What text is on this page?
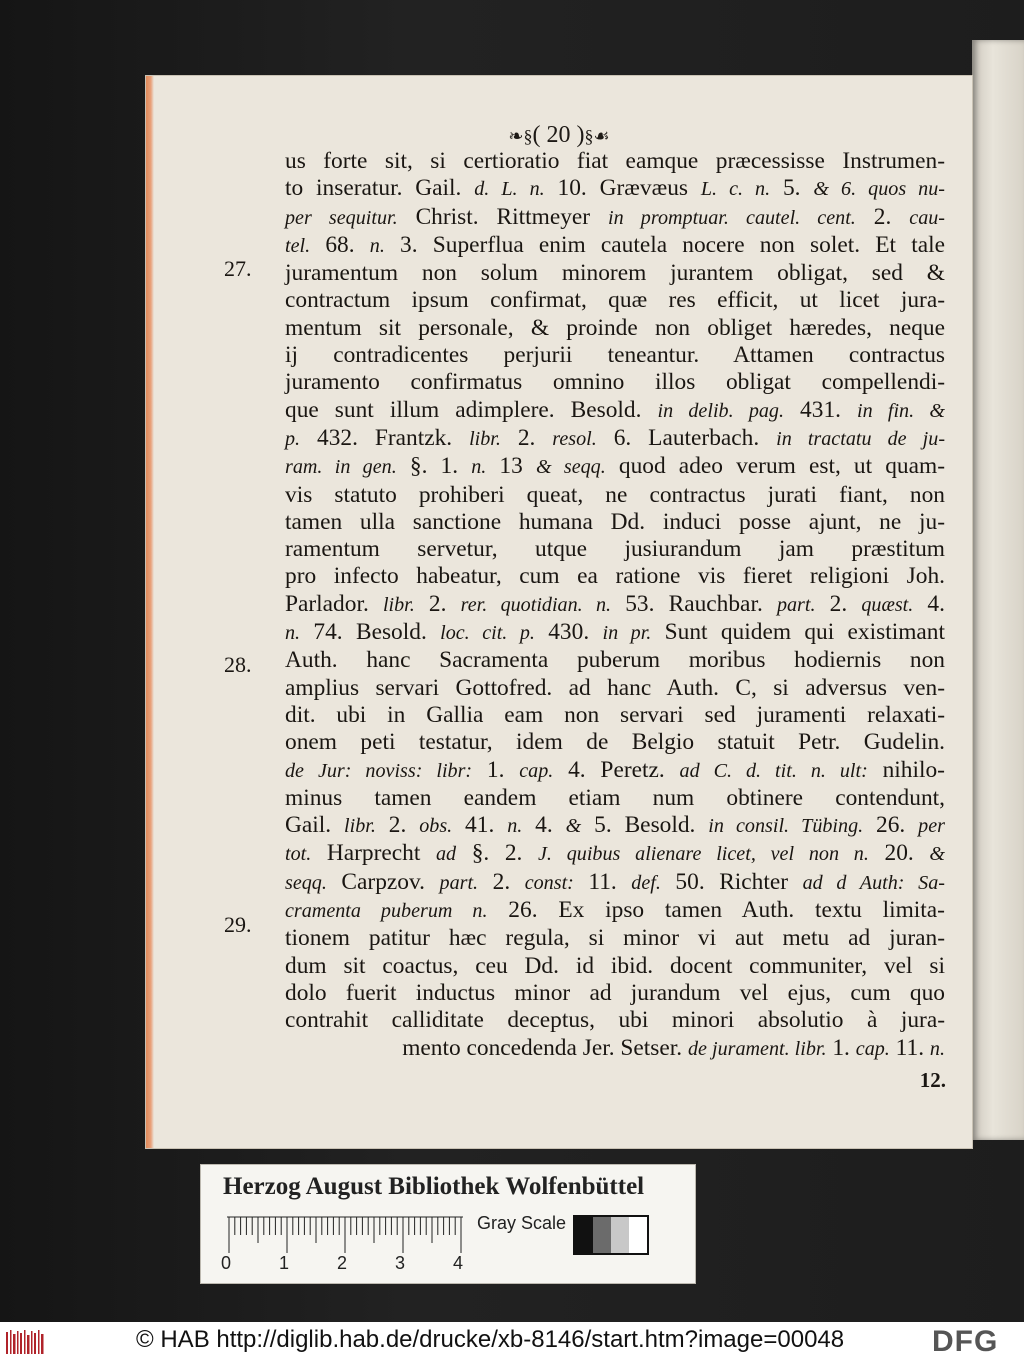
❧§( 20 )§☙
us forte sit, si certioratio fiat eamque præcessisse Instrumen-
to inseratur. Gail. d. L. n. 10. Grævæus L. c. n. 5. & 6. quos nu-
per sequitur. Christ. Rittmeyer in promptuar. cautel. cent. 2. cau-
tel. 68. n. 3. Superflua enim cautela nocere non solet. Et tale
juramentum non solum minorem jurantem obligat, sed &
contractum ipsum confirmat, quæ res efficit, ut licet jura-
mentum sit personale, & proinde non obliget hæredes, neque
ij contradicentes perjurii teneantur. Attamen contractus
juramento confirmatus omnino illos obligat compellendi-
que sunt illum adimplere. Besold. in delib. pag. 431. in fin. &
p. 432. Frantzk. libr. 2. resol. 6. Lauterbach. in tractatu de ju-
ram. in gen. §. 1. n. 13 & seqq. quod adeo verum est, ut quam-
vis statuto prohiberi queat, ne contractus jurati fiant, non
tamen ulla sanctione humana Dd. induci posse ajunt, ne ju-
ramentum servetur, utque jusiurandum jam præstitum
pro infecto habeatur, cum ea ratione vis fieret religioni Joh.
Parlador. libr. 2. rer. quotidian. n. 53. Rauchbar. part. 2. quæst. 4.
n. 74. Besold. loc. cit. p. 430. in pr. Sunt quidem qui existimant
Auth. hanc Sacramenta puberum moribus hodiernis non
amplius servari Gottofred. ad hanc Auth. C, si adversus ven-
dit. ubi in Gallia eam non servari sed juramenti relaxati-
onem peti testatur, idem de Belgio statuit Petr. Gudelin.
de Jur: noviss: libr: 1. cap. 4. Peretz. ad C. d. tit. n. ult: nihilo-
minus tamen eandem etiam num obtinere contendunt,
Gail. libr. 2. obs. 41. n. 4. & 5. Besold. in consil. Tübing. 26. per
tot. Harprecht ad §. 2. J. quibus alienare licet, vel non n. 20. &
seqq. Carpzov. part. 2. const: 11. def. 50. Richter ad d Auth: Sa-
cramenta puberum n. 26. Ex ipso tamen Auth. textu limita-
tionem patitur hæc regula, si minor vi aut metu ad juran-
dum sit coactus, ceu Dd. id ibid. docent communiter, vel si
dolo fuerit inductus minor ad jurandum vel ejus, cum quo
contrahit calliditate deceptus, ubi minori absolutio à jura-
mento concedenda Jer. Setser. de jurament. libr. 1. cap. 11. n.
27.
28.
29.
12.
Herzog August Bibliothek Wolfenbüttel
0	1	2	3	4
Gray Scale
© HAB http://diglib.hab.de/drucke/xb-8146/start.htm?image=00048	DFG
